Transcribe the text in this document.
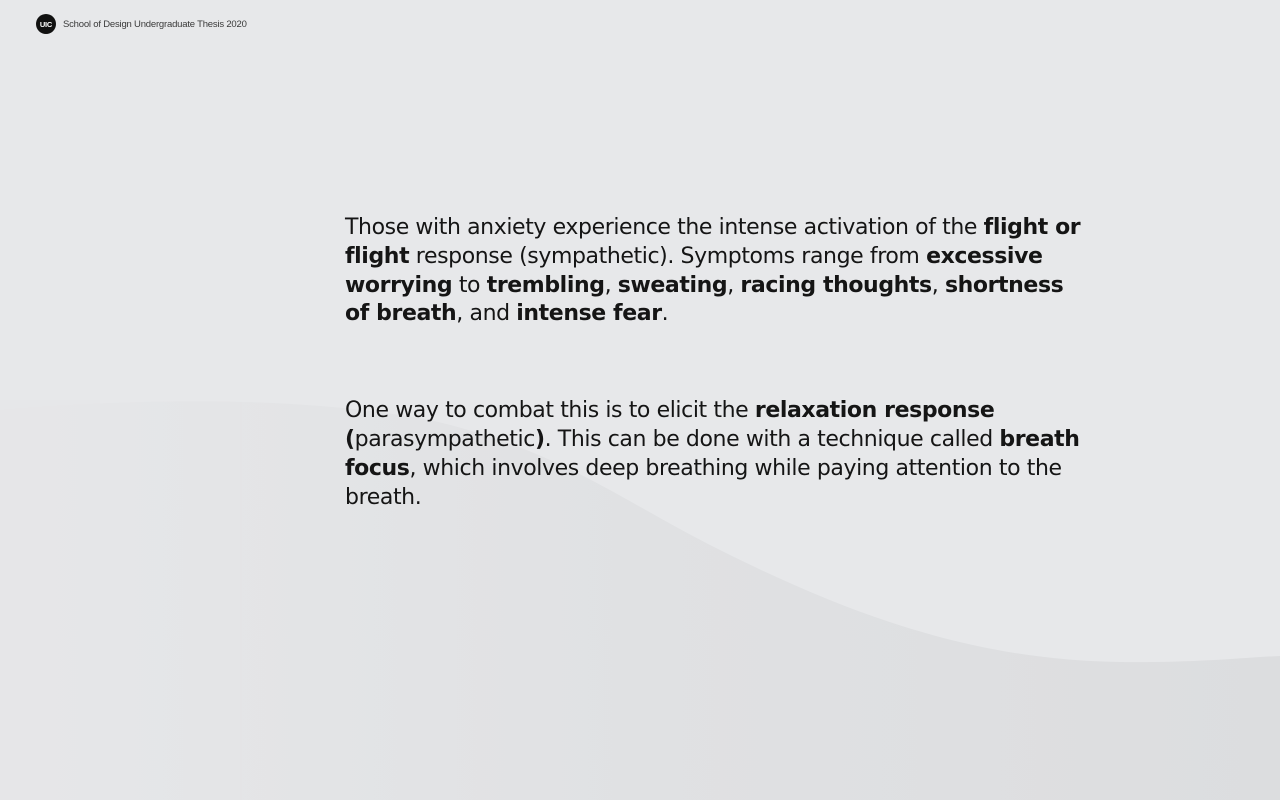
UIC	School of Design Undergraduate Thesis 2020

Those with anxiety experience the intense activation of the flight or flight response (sympathetic). Symptoms range from excessive worrying to trembling, sweating, racing thoughts, shortness of breath, and intense fear.

One way to combat this is to elicit the relaxation response (parasympathetic). This can be done with a technique called breath focus, which involves deep breathing while paying attention to the breath.
